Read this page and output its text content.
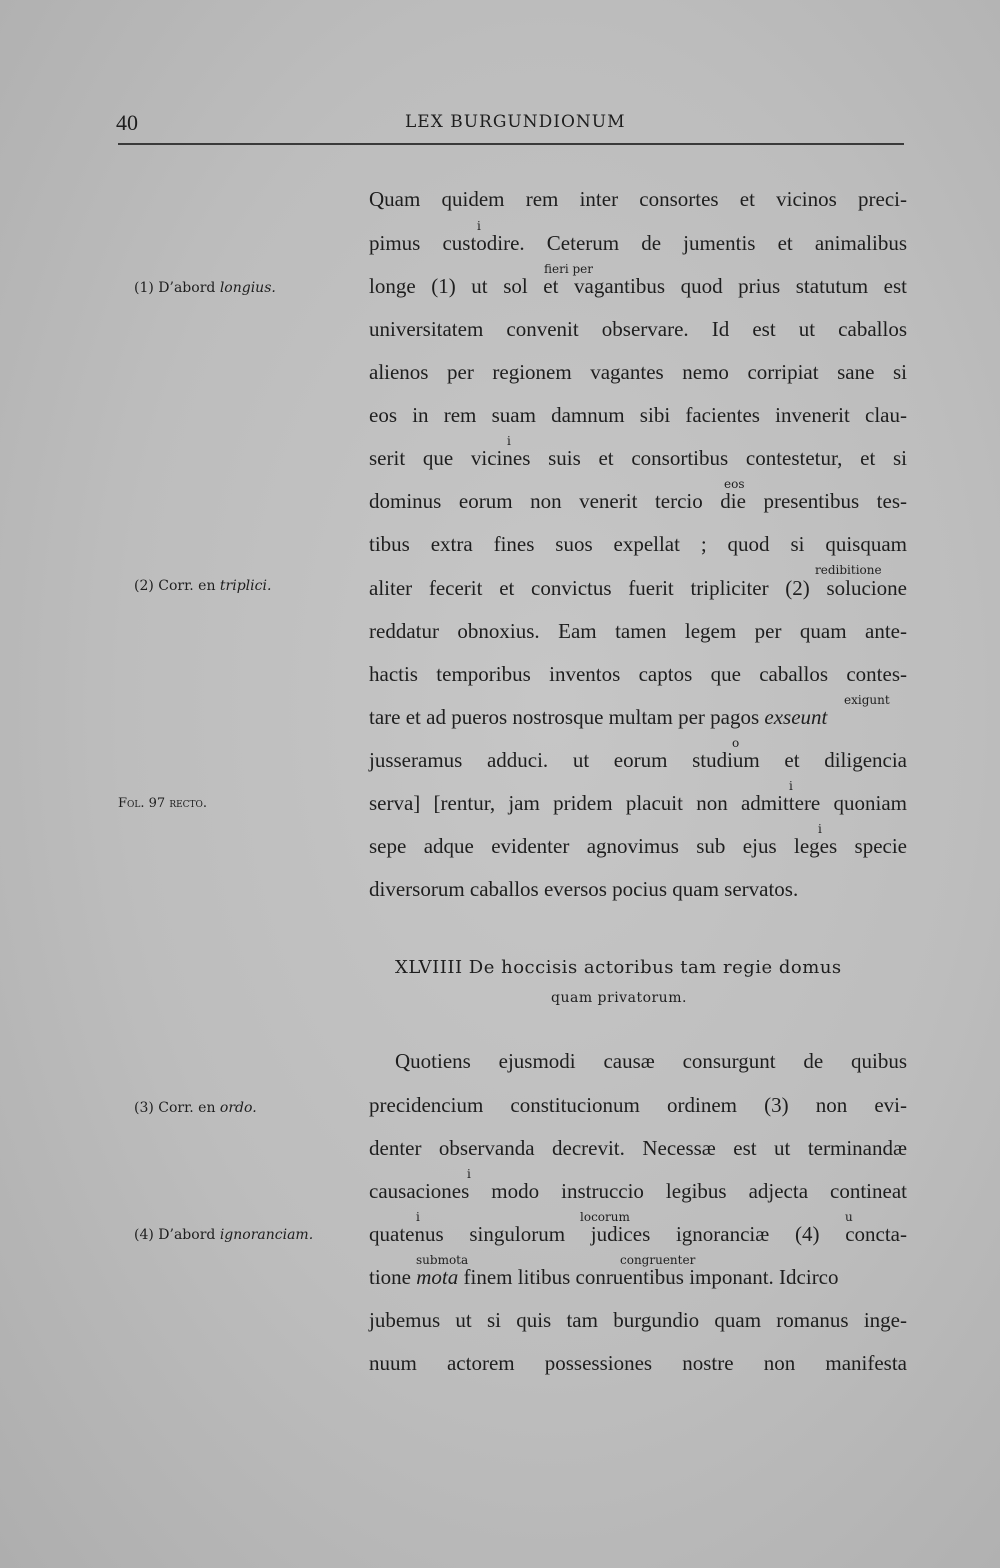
40	LEX BURGUNDIONUM
(1) D’abord longius.
(2) Corr. en triplici.
Fol. 97 recto.
(3) Corr. en ordo.
(4) D’abord ignoranciam.
Quam quidem rem inter consortes et vicinos preci-
pimus custodire. Ceterum de jumentis et animalibus
longe (1) ut sol et vagantibus quod prius statutum est
universitatem convenit observare. Id est ut caballos
alienos per regionem vagantes nemo corripiat sane si
eos in rem suam damnum sibi facientes invenerit clau-
serit que vicines suis et consortibus contestetur, et si
dominus eorum non venerit tercio die presentibus tes-
tibus extra fines suos expellat ; quod si quisquam
aliter fecerit et convictus fuerit tripliciter (2) solucione
reddatur obnoxius. Eam tamen legem per quam ante-
hactis temporibus inventos captos que caballos contes-
tare et ad pueros nostrosque multam per pagos exseunt
jusseramus adduci. ut eorum studium et diligencia
serva] [rentur, jam pridem placuit non admittere quoniam
sepe adque evidenter agnovimus sub ejus leges specie
diversorum caballos eversos pocius quam servatos.
XLVIIII De hoccisis actoribus tam regie domus
quam privatorum.
Quotiens ejusmodi causæ consurgunt de quibus
precidencium constitucionum ordinem (3) non evi-
denter observanda decrevit. Necessæ est ut terminandæ
causaciones modo instruccio legibus adjecta contineat
quatenus singulorum judices ignoranciæ (4) concta-
tione mota finem litibus conruentibus imponant. Idcirco
jubemus ut si quis tam burgundio quam romanus inge-
nuum actorem possessiones nostre non manifesta
i
fieri per
i
eos
redibitione
exigunt
o
i
i
i
i	locorum	u
submota	congruenter
